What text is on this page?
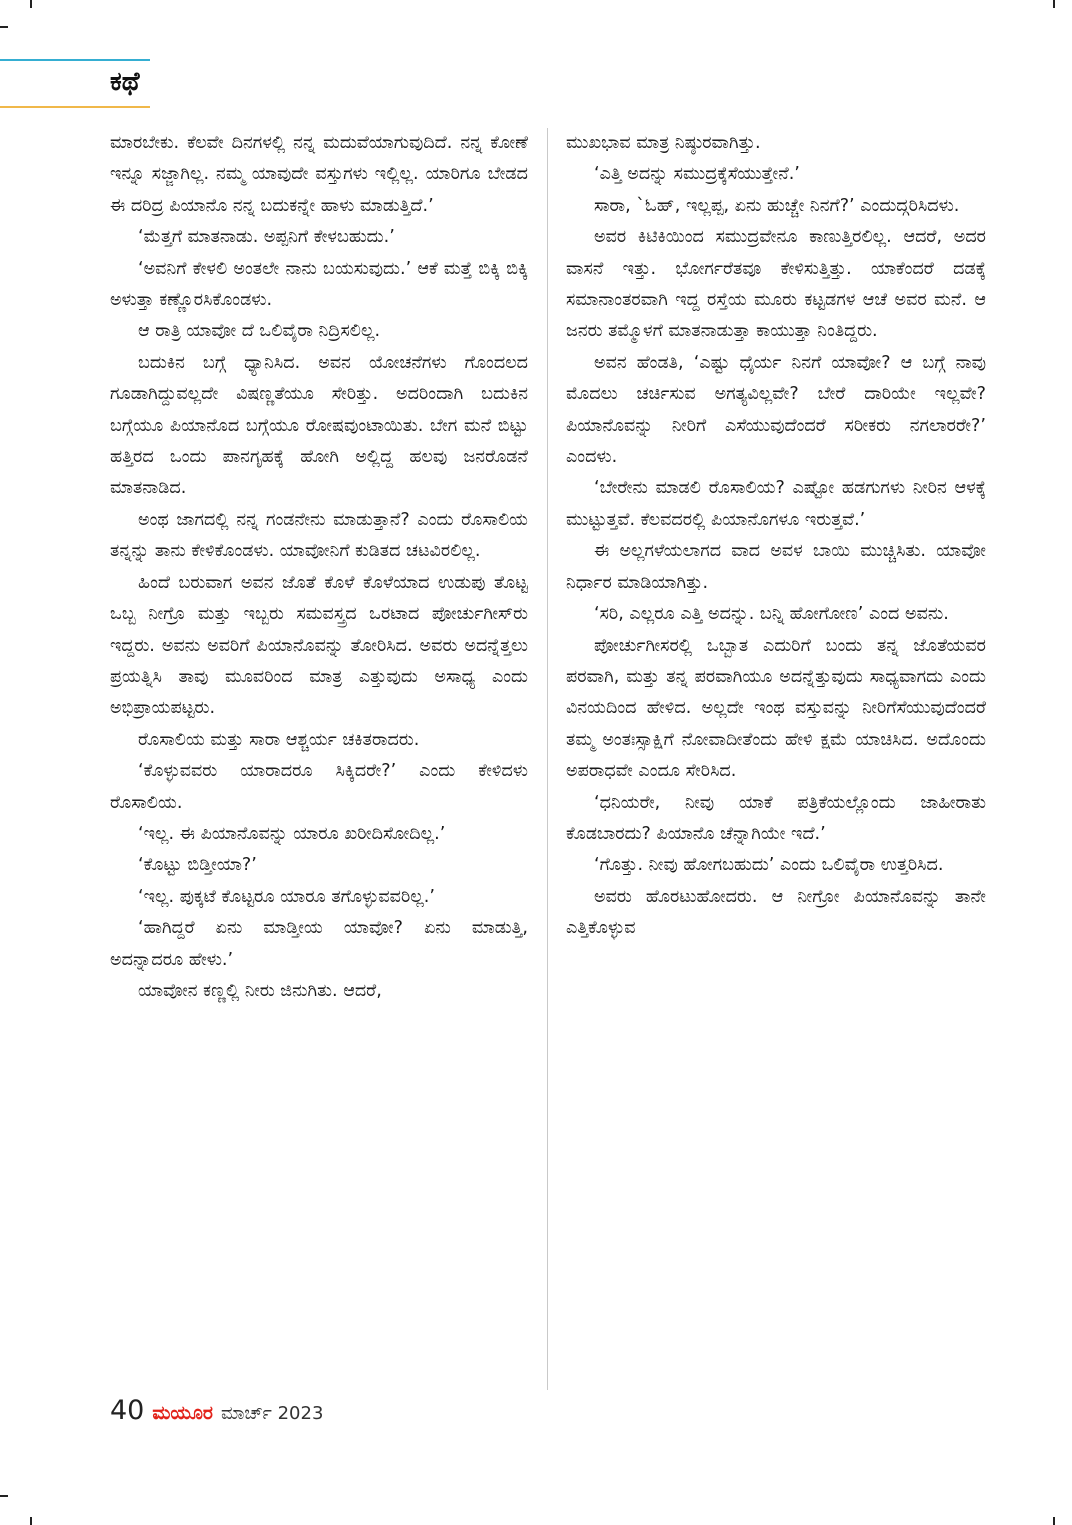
ಕಥೆ

ಮಾರಬೇಕು. ಕೆಲವೇ ದಿನಗಳಲ್ಲಿ ನನ್ನ ಮದುವೆಯಾಗುವುದಿದೆ. ನನ್ನ ಕೋಣೆ ಇನ್ನೂ ಸಜ್ಜಾಗಿಲ್ಲ. ನಮ್ಮ ಯಾವುದೇ ವಸ್ತುಗಳು ಇಲ್ಲಿಲ್ಲ. ಯಾರಿಗೂ ಬೇಡದ ಈ ದರಿದ್ರ ಪಿಯಾನೊ ನನ್ನ ಬದುಕನ್ನೇ ಹಾಳು ಮಾಡುತ್ತಿದೆ.’

‘ಮೆತ್ತಗೆ ಮಾತನಾಡು. ಅಪ್ಪನಿಗೆ ಕೇಳಬಹುದು.’

‘ಅವನಿಗೆ ಕೇಳಲಿ ಅಂತಲೇ ನಾನು ಬಯಸುವುದು.’ ಆಕೆ ಮತ್ತೆ ಬಿಕ್ಕಿ ಬಿಕ್ಕಿ ಅಳುತ್ತಾ ಕಣ್ಣೊರಸಿಕೊಂಡಳು.

ಆ ರಾತ್ರಿ ಯಾವೋ ದೆ ಒಲಿವೈರಾ ನಿದ್ರಿಸಲಿಲ್ಲ.

ಬದುಕಿನ ಬಗ್ಗೆ ಧ್ಯಾನಿಸಿದ. ಅವನ ಯೋಚನೆಗಳು ಗೊಂದಲದ ಗೂಡಾಗಿದ್ದುವಲ್ಲದೇ ವಿಷಣ್ಣತೆಯೂ ಸೇರಿತ್ತು. ಅದರಿಂದಾಗಿ ಬದುಕಿನ ಬಗ್ಗೆಯೂ ಪಿಯಾನೊದ ಬಗ್ಗೆಯೂ ರೋಷವುಂಟಾಯಿತು. ಬೇಗ ಮನೆ ಬಿಟ್ಟು ಹತ್ತಿರದ ಒಂದು ಪಾನಗೃಹಕ್ಕೆ ಹೋಗಿ ಅಲ್ಲಿದ್ದ ಹಲವು ಜನರೊಡನೆ ಮಾತನಾಡಿದ.

ಅಂಥ ಜಾಗದಲ್ಲಿ ನನ್ನ ಗಂಡನೇನು ಮಾಡುತ್ತಾನೆ? ಎಂದು ರೊಸಾಲಿಯ ತನ್ನನ್ನು ತಾನು ಕೇಳಿಕೊಂಡಳು. ಯಾವೋನಿಗೆ ಕುಡಿತದ ಚಟವಿರಲಿಲ್ಲ.

ಹಿಂದೆ ಬರುವಾಗ ಅವನ ಜೊತೆ ಕೊಳೆ ಕೊಳೆಯಾದ ಉಡುಪು ತೊಟ್ಟ ಒಬ್ಬ ನೀಗ್ರೊ ಮತ್ತು ಇಬ್ಬರು ಸಮವಸ್ತ್ರದ ಒರಟಾದ ಪೋರ್ಚುಗೀಸ್‌ರು ಇದ್ದರು. ಅವನು ಅವರಿಗೆ ಪಿಯಾನೊವನ್ನು ತೋರಿಸಿದ. ಅವರು ಅದನ್ನೆತ್ತಲು ಪ್ರಯತ್ನಿಸಿ ತಾವು ಮೂವರಿಂದ ಮಾತ್ರ ಎತ್ತುವುದು ಅಸಾಧ್ಯ ಎಂದು ಅಭಿಪ್ರಾಯಪಟ್ಟರು.

ರೊಸಾಲಿಯ ಮತ್ತು ಸಾರಾ ಆಶ್ಚರ್ಯ ಚಕಿತರಾದರು.

‘ಕೊಳ್ಳುವವರು ಯಾರಾದರೂ ಸಿಕ್ಕಿದರೇ?’ ಎಂದು ಕೇಳಿದಳು ರೊಸಾಲಿಯ.

‘ಇಲ್ಲ. ಈ ಪಿಯಾನೊವನ್ನು ಯಾರೂ ಖರೀದಿಸೋದಿಲ್ಲ.’

‘ಕೊಟ್ಟು ಬಿಡ್ತೀಯಾ?’

‘ಇಲ್ಲ. ಪುಕ್ಕಟೆ ಕೊಟ್ಟರೂ ಯಾರೂ ತಗೊಳ್ಳುವವರಿಲ್ಲ.’

‘ಹಾಗಿದ್ದರೆ ಏನು ಮಾಡ್ತೀಯ ಯಾವೋ? ಏನು ಮಾಡುತ್ತಿ, ಅದನ್ನಾದರೂ ಹೇಳು.’

ಯಾವೋನ ಕಣ್ಣಲ್ಲಿ ನೀರು ಜಿನುಗಿತು. ಆದರೆ,

ಮುಖಭಾವ ಮಾತ್ರ ನಿಷ್ಠುರವಾಗಿತ್ತು.

‘ಎತ್ತಿ ಅದನ್ನು ಸಮುದ್ರಕ್ಕೆಸೆಯುತ್ತೇನೆ.’

ಸಾರಾ, `ಓಹ್, ಇಲ್ಲಪ್ಪ, ಏನು ಹುಚ್ಚೇ ನಿನಗೆ?’ ಎಂದುದ್ಗರಿಸಿದಳು.

ಅವರ ಕಿಟಿಕಿಯಿಂದ ಸಮುದ್ರವೇನೂ ಕಾಣುತ್ತಿರಲಿಲ್ಲ. ಆದರೆ, ಅದರ ವಾಸನೆ ಇತ್ತು. ಭೋರ್ಗರೆತವೂ ಕೇಳಿಸುತ್ತಿತ್ತು. ಯಾಕೆಂದರೆ ದಡಕ್ಕೆ ಸಮಾನಾಂತರವಾಗಿ ಇದ್ದ ರಸ್ತೆಯ ಮೂರು ಕಟ್ಟಡಗಳ ಆಚೆ ಅವರ ಮನೆ. ಆ ಜನರು ತಮ್ಮೊಳಗೆ ಮಾತನಾಡುತ್ತಾ ಕಾಯುತ್ತಾ ನಿಂತಿದ್ದರು.

ಅವನ ಹೆಂಡತಿ, ‘ಎಷ್ಟು ಧೈರ್ಯ ನಿನಗೆ ಯಾವೋ? ಆ ಬಗ್ಗೆ ನಾವು ಮೊದಲು ಚರ್ಚಿಸುವ ಅಗತ್ಯವಿಲ್ಲವೇ? ಬೇರೆ ದಾರಿಯೇ ಇಲ್ಲವೇ? ಪಿಯಾನೊವನ್ನು ನೀರಿಗೆ ಎಸೆಯುವುದೆಂದರೆ ಸರೀಕರು ನಗಲಾರರೇ?’ ಎಂದಳು.

‘ಬೇರೇನು ಮಾಡಲಿ ರೊಸಾಲಿಯ? ಎಷ್ಟೋ ಹಡಗುಗಳು ನೀರಿನ ಆಳಕ್ಕೆ ಮುಟ್ಟುತ್ತವೆ. ಕೆಲವದರಲ್ಲಿ ಪಿಯಾನೊಗಳೂ ಇರುತ್ತವೆ.’

ಈ ಅಲ್ಲಗಳೆಯಲಾಗದ ವಾದ ಅವಳ ಬಾಯಿ ಮುಚ್ಚಿಸಿತು. ಯಾವೋ ನಿರ್ಧಾರ ಮಾಡಿಯಾಗಿತ್ತು.

‘ಸರಿ, ಎಲ್ಲರೂ ಎತ್ತಿ ಅದನ್ನು. ಬನ್ನಿ ಹೋಗೋಣ’ ಎಂದ ಅವನು.

ಪೋರ್ಚುಗೀಸರಲ್ಲಿ ಒಬ್ಬಾತ ಎದುರಿಗೆ ಬಂದು ತನ್ನ ಜೊತೆಯವರ ಪರವಾಗಿ, ಮತ್ತು ತನ್ನ ಪರವಾಗಿಯೂ ಅದನ್ನೆತ್ತುವುದು ಸಾಧ್ಯವಾಗದು ಎಂದು ವಿನಯದಿಂದ ಹೇಳಿದ. ಅಲ್ಲದೇ ಇಂಥ ವಸ್ತುವನ್ನು ನೀರಿಗೆಸೆಯುವುದೆಂದರೆ ತಮ್ಮ ಅಂತಃಸ್ಸಾಕ್ಷಿಗೆ ನೋವಾದೀತೆಂದು ಹೇಳಿ ಕ್ಷಮೆ ಯಾಚಿಸಿದ. ಅದೊಂದು ಅಪರಾಧವೇ ಎಂದೂ ಸೇರಿಸಿದ.

‘ಧನಿಯರೇ, ನೀವು ಯಾಕೆ ಪತ್ರಿಕೆಯಲ್ಲೊಂದು ಜಾಹೀರಾತು ಕೊಡಬಾರದು? ಪಿಯಾನೊ ಚೆನ್ನಾಗಿಯೇ ಇದೆ.’

‘ಗೊತ್ತು. ನೀವು ಹೋಗಬಹುದು’ ಎಂದು ಒಲಿವೈರಾ ಉತ್ತರಿಸಿದ.

ಅವರು ಹೊರಟುಹೋದರು. ಆ ನೀಗ್ರೋ ಪಿಯಾನೊವನ್ನು ತಾನೇ ಎತ್ತಿಕೊಳ್ಳುವ

40 ಮಯೂರ ಮಾರ್ಚ್ 2023
